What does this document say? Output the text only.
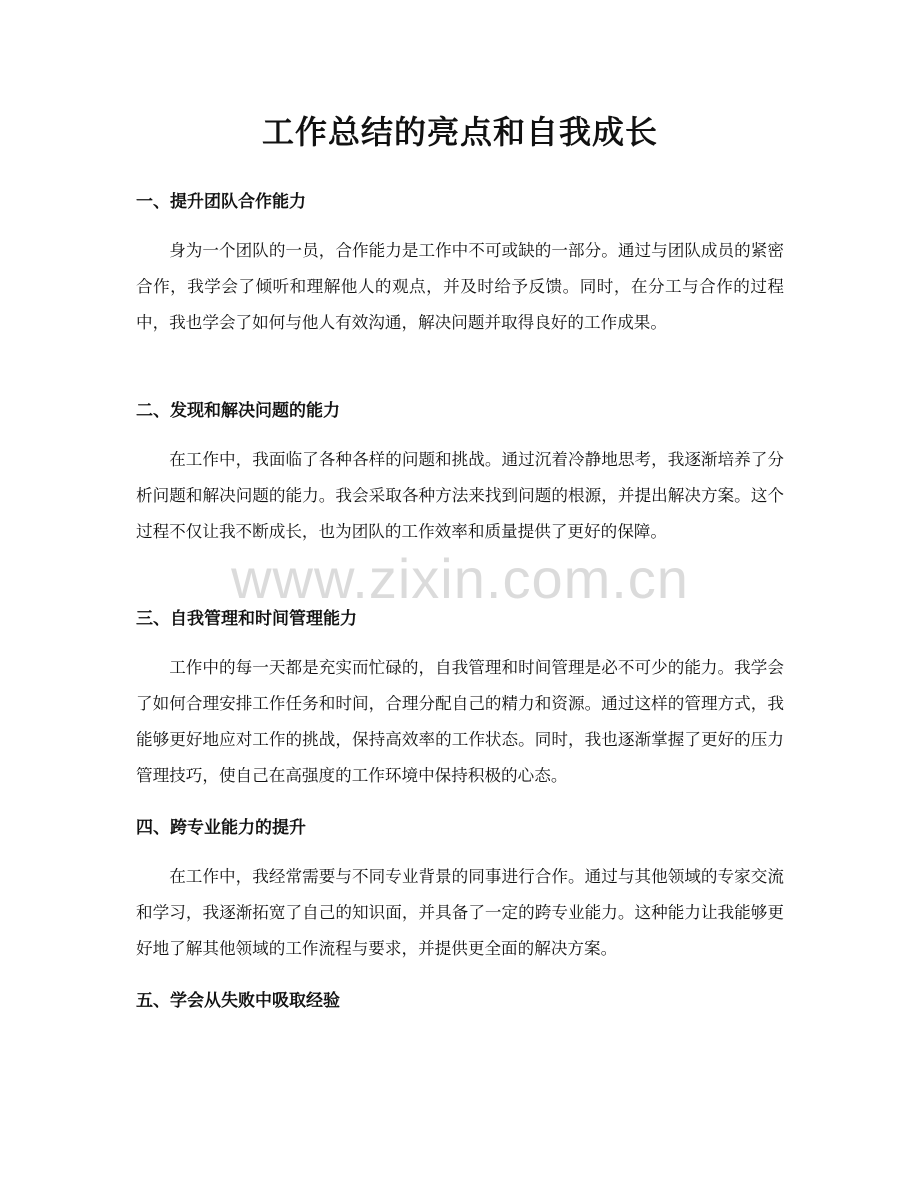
工作总结的亮点和自我成长
一、提升团队合作能力

身为一个团队的一员，合作能力是工作中不可或缺的一部分。通过与团队成员的紧密合作，我学会了倾听和理解他人的观点，并及时给予反馈。同时，在分工与合作的过程中，我也学会了如何与他人有效沟通，解决问题并取得良好的工作成果。

二、发现和解决问题的能力

在工作中，我面临了各种各样的问题和挑战。通过沉着冷静地思考，我逐渐培养了分析问题和解决问题的能力。我会采取各种方法来找到问题的根源，并提出解决方案。这个过程不仅让我不断成长，也为团队的工作效率和质量提供了更好的保障。

三、自我管理和时间管理能力

工作中的每一天都是充实而忙碌的，自我管理和时间管理是必不可少的能力。我学会了如何合理安排工作任务和时间，合理分配自己的精力和资源。通过这样的管理方式，我能够更好地应对工作的挑战，保持高效率的工作状态。同时，我也逐渐掌握了更好的压力管理技巧，使自己在高强度的工作环境中保持积极的心态。

四、跨专业能力的提升

在工作中，我经常需要与不同专业背景的同事进行合作。通过与其他领域的专家交流和学习，我逐渐拓宽了自己的知识面，并具备了一定的跨专业能力。这种能力让我能够更好地了解其他领域的工作流程与要求，并提供更全面的解决方案。

五、学会从失败中吸取经验
www.zixin.com.cn
